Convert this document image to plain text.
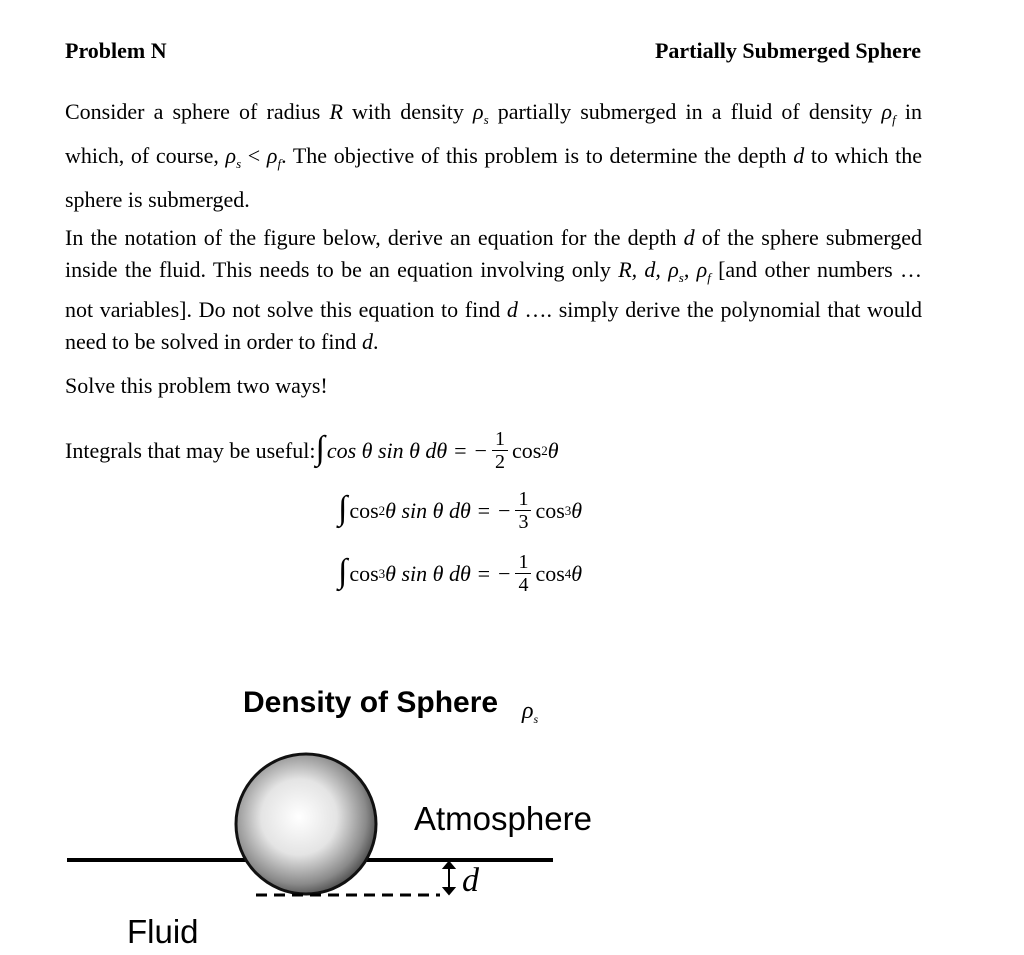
Problem N	Partially Submerged Sphere

Consider a sphere of radius R with density $\rho_s$ partially submerged in a fluid of density $\rho_f$ in which, of course, $\rho_s < \rho_f$. The objective of this problem is to determine the depth d to which the sphere is submerged.

In the notation of the figure below, derive an equation for the depth d of the sphere submerged inside the fluid. This needs to be an equation involving only R, d, $\rho_s$, $\rho_f$ [and other numbers … not variables]. Do not solve this equation to find d …. simply derive the polynomial that would need to be solved in order to find d.

Solve this problem two ways!

Integrals that may be useful: ∫ cos θ sin θ dθ = − $\frac{1}{2}$ cos 2 θ
∫ cos 2 θ sin θ dθ = − $\frac{1}{3}$ cos 3 θ
∫ cos 3 θ sin θ dθ = − $\frac{1}{4}$ cos 4 θ
Density of Sphere $\rho_s$
Atmosphere
Fluid
d
